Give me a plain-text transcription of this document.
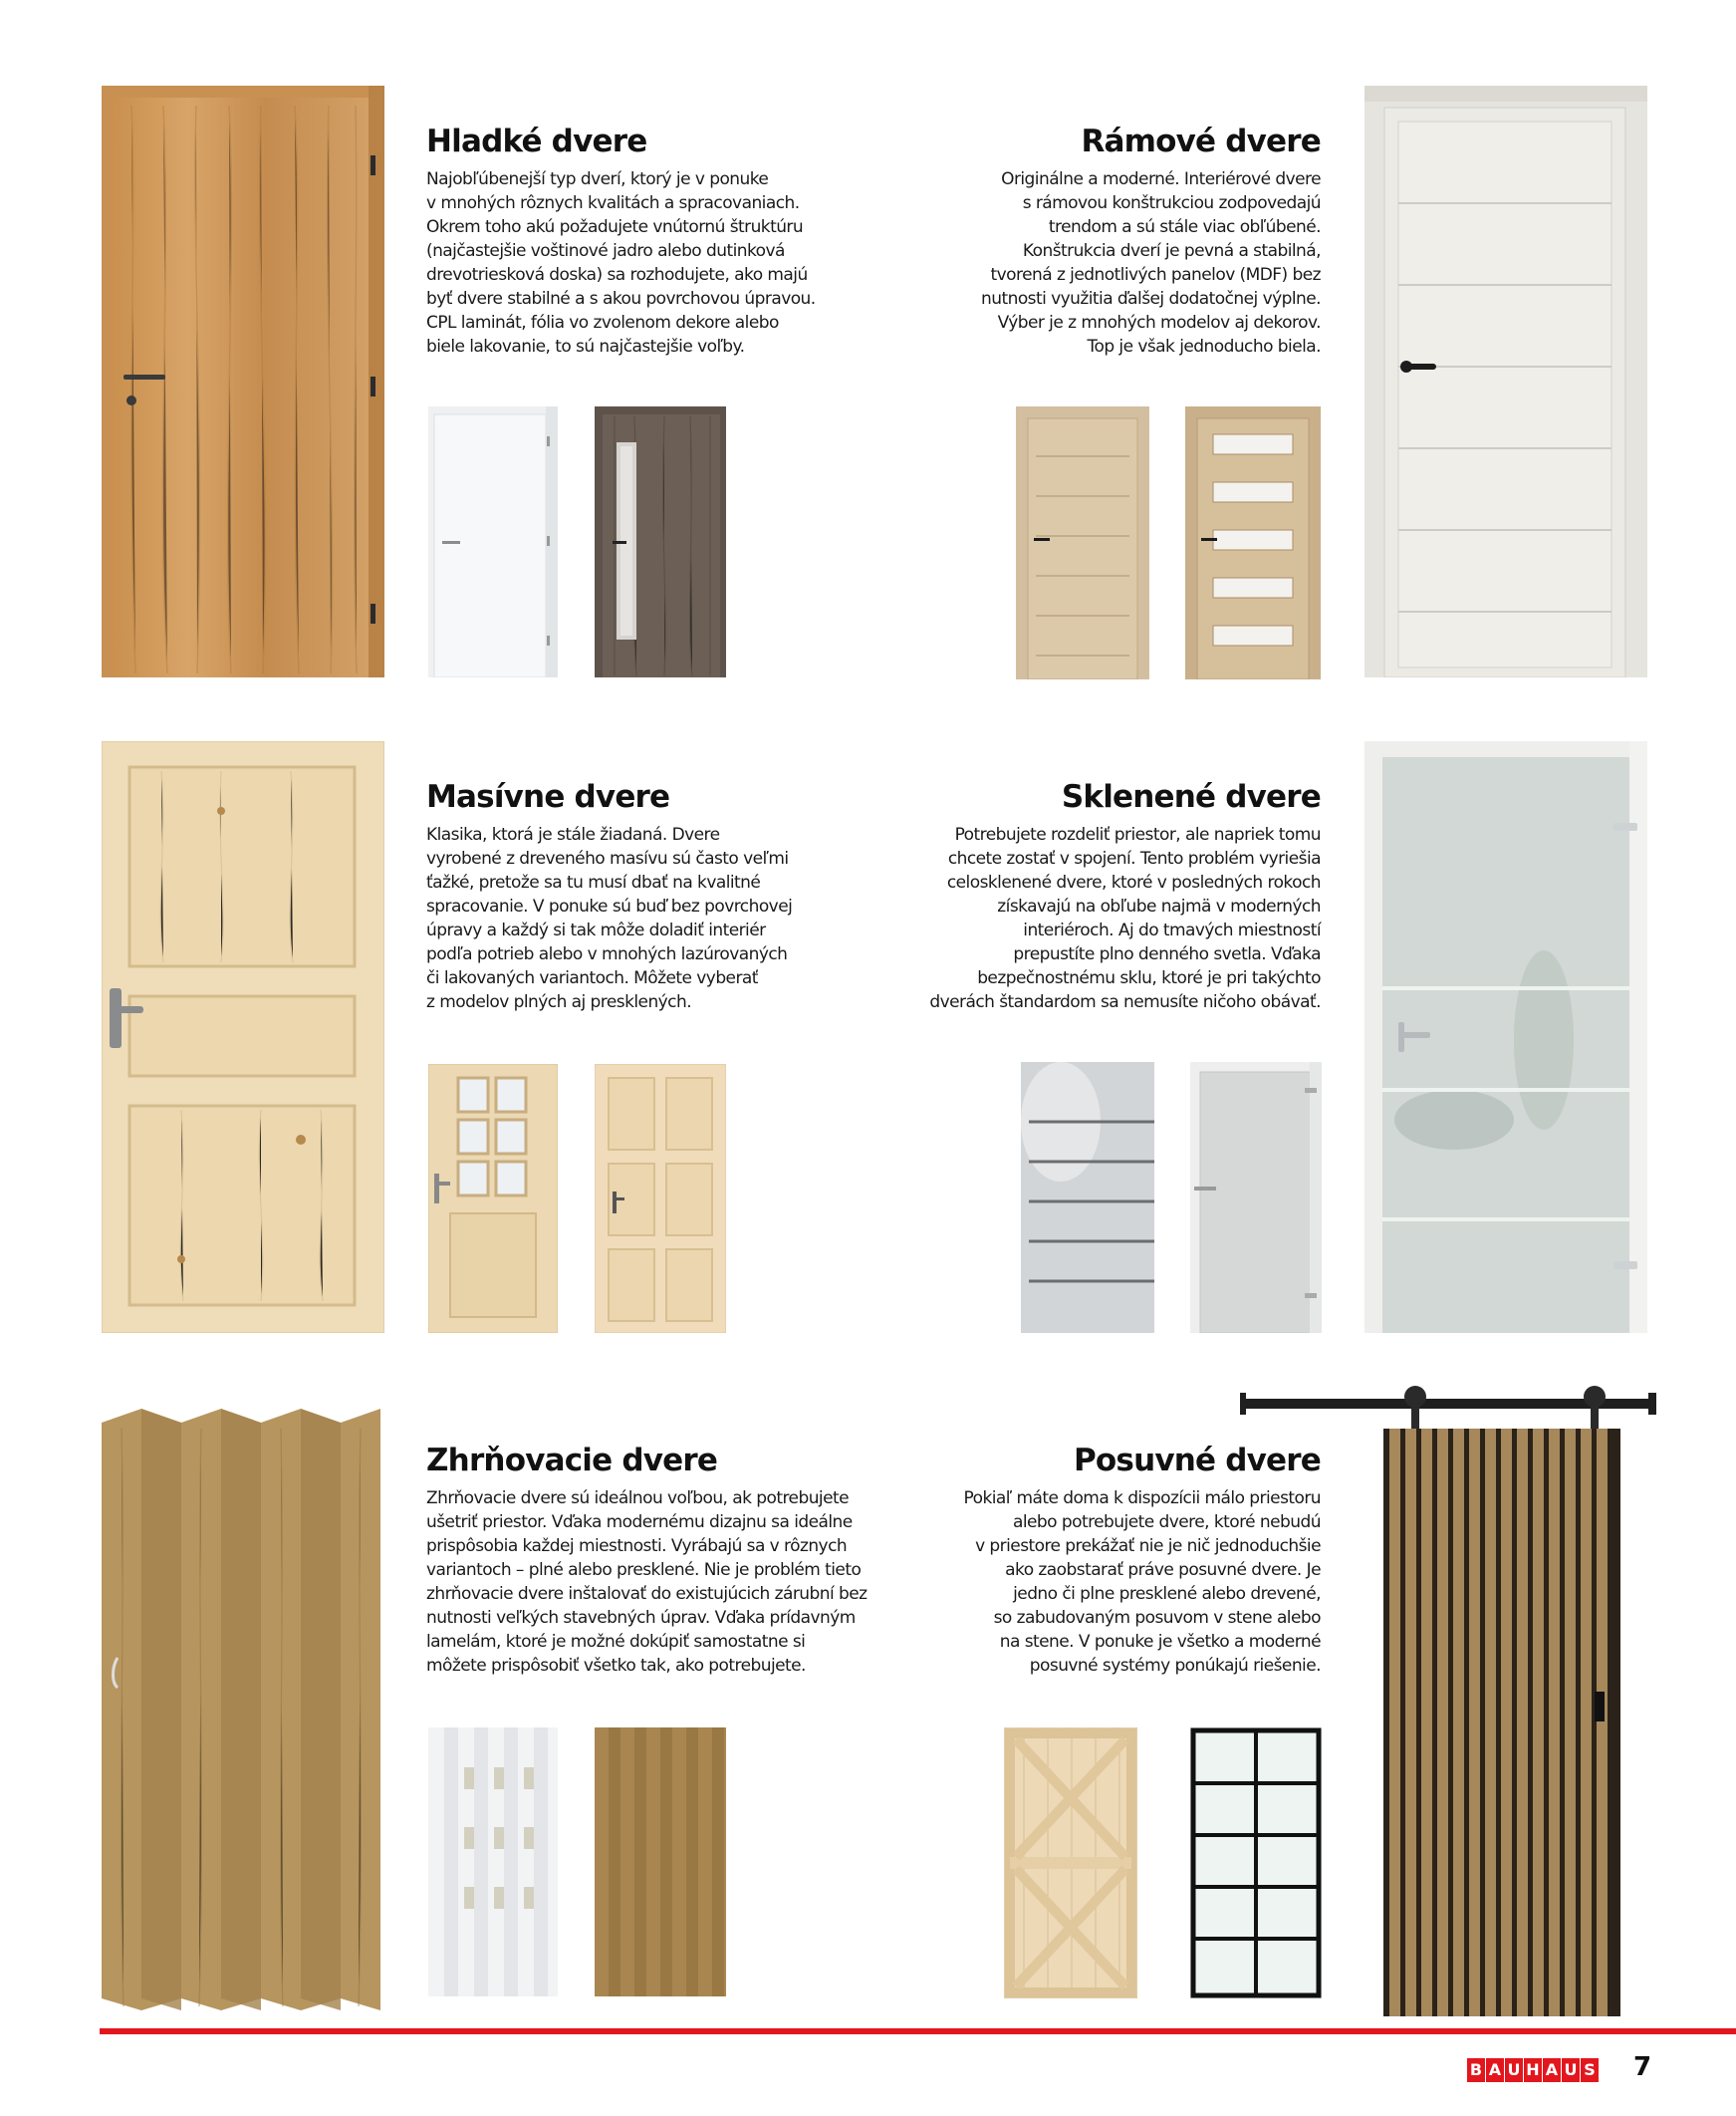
Hladké dvere

Najobľúbenejší typ dverí, ktorý je v ponuke
v mnohých rôznych kvalitách a spracovaniach.
Okrem toho akú požadujete vnútornú štruktúru
(najčastejšie voštinové jadro alebo dutinková
drevotriesková doska) sa rozhodujete, ako majú
byť dvere stabilné a s akou povrchovou úpravou.
CPL laminát, fólia vo zvolenom dekore alebo
biele lakovanie, to sú najčastejšie voľby.

Rámové dvere

Originálne a moderné. Interiérové dvere
s rámovou konštrukciou zodpovedajú
trendom a sú stále viac obľúbené.
Konštrukcia dverí je pevná a stabilná,
tvorená z jednotlivých panelov (MDF) bez
nutnosti využitia ďalšej dodatočnej výplne.
Výber je z mnohých modelov aj dekorov.
Top je však jednoducho biela.

Masívne dvere

Klasika, ktorá je stále žiadaná. Dvere
vyrobené z dreveného masívu sú často veľmi
ťažké, pretože sa tu musí dbať na kvalitné
spracovanie. V ponuke sú buď bez povrchovej
úpravy a každý si tak môže doladiť interiér
podľa potrieb alebo v mnohých lazúrovaných
či lakovaných variantoch. Môžete vyberať
z modelov plných aj presklených.

Sklenené dvere

Potrebujete rozdeliť priestor, ale napriek tomu
chcete zostať v spojení. Tento problém vyriešia
celosklenené dvere, ktoré v posledných rokoch
získavajú na obľube najmä v moderných
interiéroch. Aj do tmavých miestností
prepustíte plno denného svetla. Vďaka
bezpečnostnému sklu, ktoré je pri takýchto
dverách štandardom sa nemusíte ničoho obávať.

Zhrňovacie dvere

Zhrňovacie dvere sú ideálnou voľbou, ak potrebujete
ušetriť priestor. Vďaka modernému dizajnu sa ideálne
prispôsobia každej miestnosti. Vyrábajú sa v rôznych
variantoch – plné alebo presklené. Nie je problém tieto
zhrňovacie dvere inštalovať do existujúcich zárubní bez
nutnosti veľkých stavebných úprav. Vďaka prídavným
lamelám, ktoré je možné dokúpiť samostatne si
môžete prispôsobiť všetko tak, ako potrebujete.

Posuvné dvere

Pokiaľ máte doma k dispozícii málo priestoru
alebo potrebujete dvere, ktoré nebudú
v priestore prekážať nie je nič jednoduchšie
ako zaobstarať práve posuvné dvere. Je
jedno či plne presklené alebo drevené,
so zabudovaným posuvom v stene alebo
na stene. V ponuke je všetko a moderné
posuvné systémy ponúkajú riešenie.

B A U H A U S 7
